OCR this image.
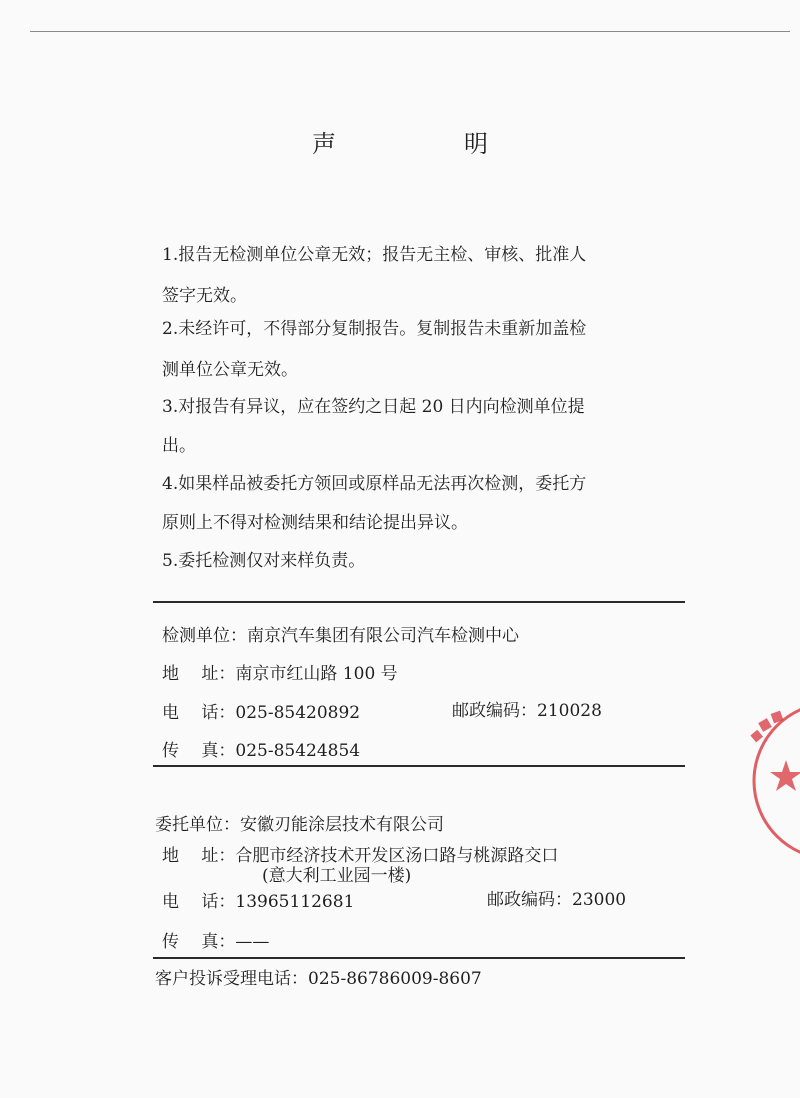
声　明
1.报告无检测单位公章无效；报告无主检、审核、批准人
签字无效。
2.未经许可，不得部分复制报告。复制报告未重新加盖检
测单位公章无效。
3.对报告有异议，应在签约之日起 20 日内向检测单位提
出。
4.如果样品被委托方领回或原样品无法再次检测，委托方
原则上不得对检测结果和结论提出异议。
5.委托检测仅对来样负责。
检测单位：南京汽车集团有限公司汽车检测中心
地　 址：南京市红山路 100 号
电　 话：025-85420892	邮政编码：210028
传　 真：025-85424854
委托单位：安徽刃能涂层技术有限公司
地　 址：合肥市经济技术开发区汤口路与桃源路交口
(意大利工业园一楼)
电　 话：13965112681	邮政编码：23000
传　 真：——
客户投诉受理电话：025-86786009-8607
